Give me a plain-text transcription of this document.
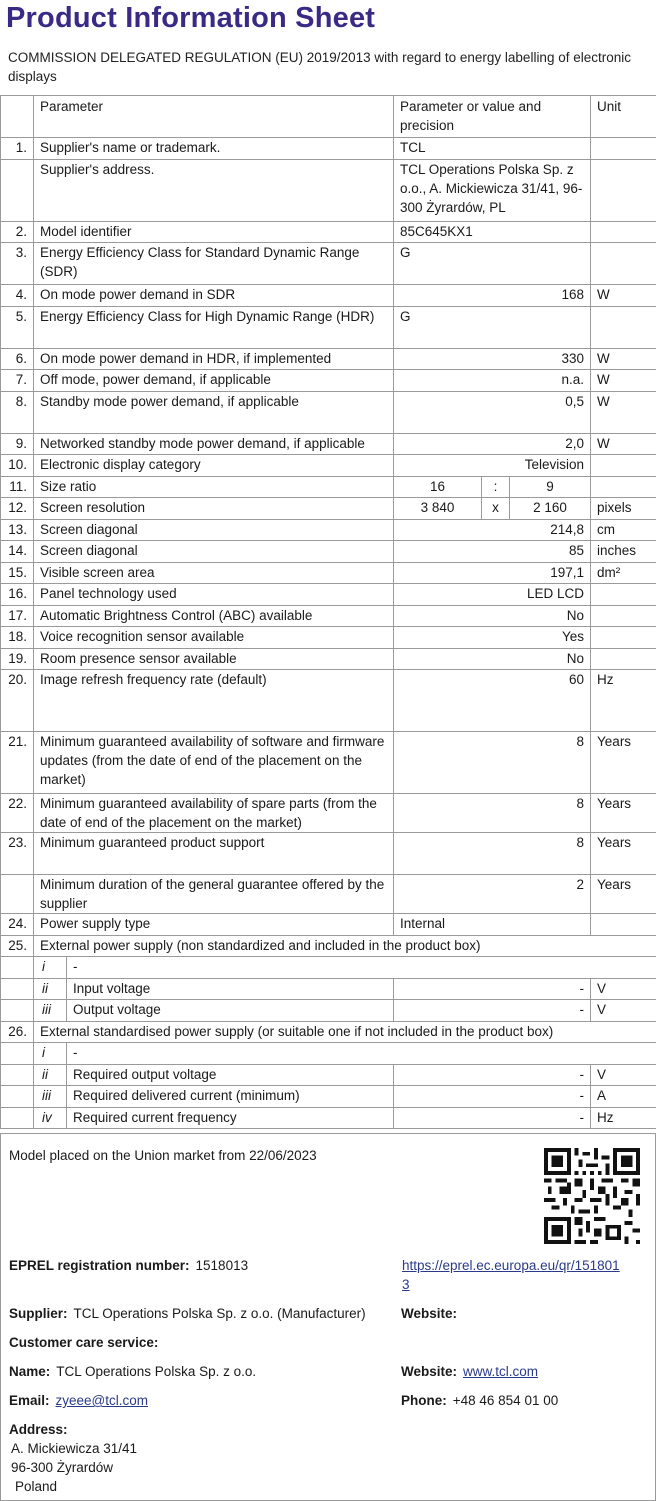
Product Information Sheet
COMMISSION DELEGATED REGULATION (EU) 2019/2013 with regard to energy labelling of electronic displays
	Parameter		Parameter or value and precision			Unit
1.	Supplier's name or trademark.		TCL			
	Supplier's address.		TCL Operations Polska Sp. z o.o., A. Mickiewicza 31/41, 96-300 Żyrardów, PL			
2.	Model identifier		85C645KX1			
3.	Energy Efficiency Class for Standard Dynamic Range (SDR)		G			
4.	On mode power demand in SDR		168			W
5.	Energy Efficiency Class for High Dynamic Range (HDR)		G			
6.	On mode power demand in HDR, if implemented		330			W
7.	Off mode, power demand, if applicable		n.a.			W
8.	Standby mode power demand, if applicable		0,5			W
9.	Networked standby mode power demand, if applicable		2,0			W
10.	Electronic display category		Television			
11.	Size ratio		16	:	9	
12.	Screen resolution		3 840	x	2 160	pixels
13.	Screen diagonal		214,8			cm
14.	Screen diagonal		85			inches
15.	Visible screen area		197,1			dm²
16.	Panel technology used		LED LCD			
17.	Automatic Brightness Control (ABC) available		No			
18.	Voice recognition sensor available		Yes			
19.	Room presence sensor available		No			
20.	Image refresh frequency rate (default)		60			Hz
21.	Minimum guaranteed availability of software and firmware updates (from the date of end of the placement on the market)		8			Years
22.	Minimum guaranteed availability of spare parts (from the date of end of the placement on the market)		8			Years
23.	Minimum guaranteed product support		8			Years
	Minimum duration of the general guarantee offered by the supplier		2			Years
24.	Power supply type		Internal			
25.	External power supply (non standardized and included in the product box)					
	i	-				
	ii	Input voltage	-			V
	iii	Output voltage	-			V
26.	External standardised power supply (or suitable one if not included in the product box)					
	i	-				
	ii	Required output voltage	-			V
	iii	Required delivered current (minimum)	-			A
	iv	Required current frequency	-			Hz
Model placed on the Union market from 22/06/2023
EPREL registration number: 1518013	https://eprel.ec.europa.eu/qr/1518013
Supplier: TCL Operations Polska Sp. z o.o. (Manufacturer)	Website:
Customer care service:
Name: TCL Operations Polska Sp. z o.o.	Website: www.tcl.com
Email: zyeee@tcl.com	Phone: +48 46 854 01 00
Address:
A. Mickiewicza 31/41
96-300 Żyrardów
Poland
